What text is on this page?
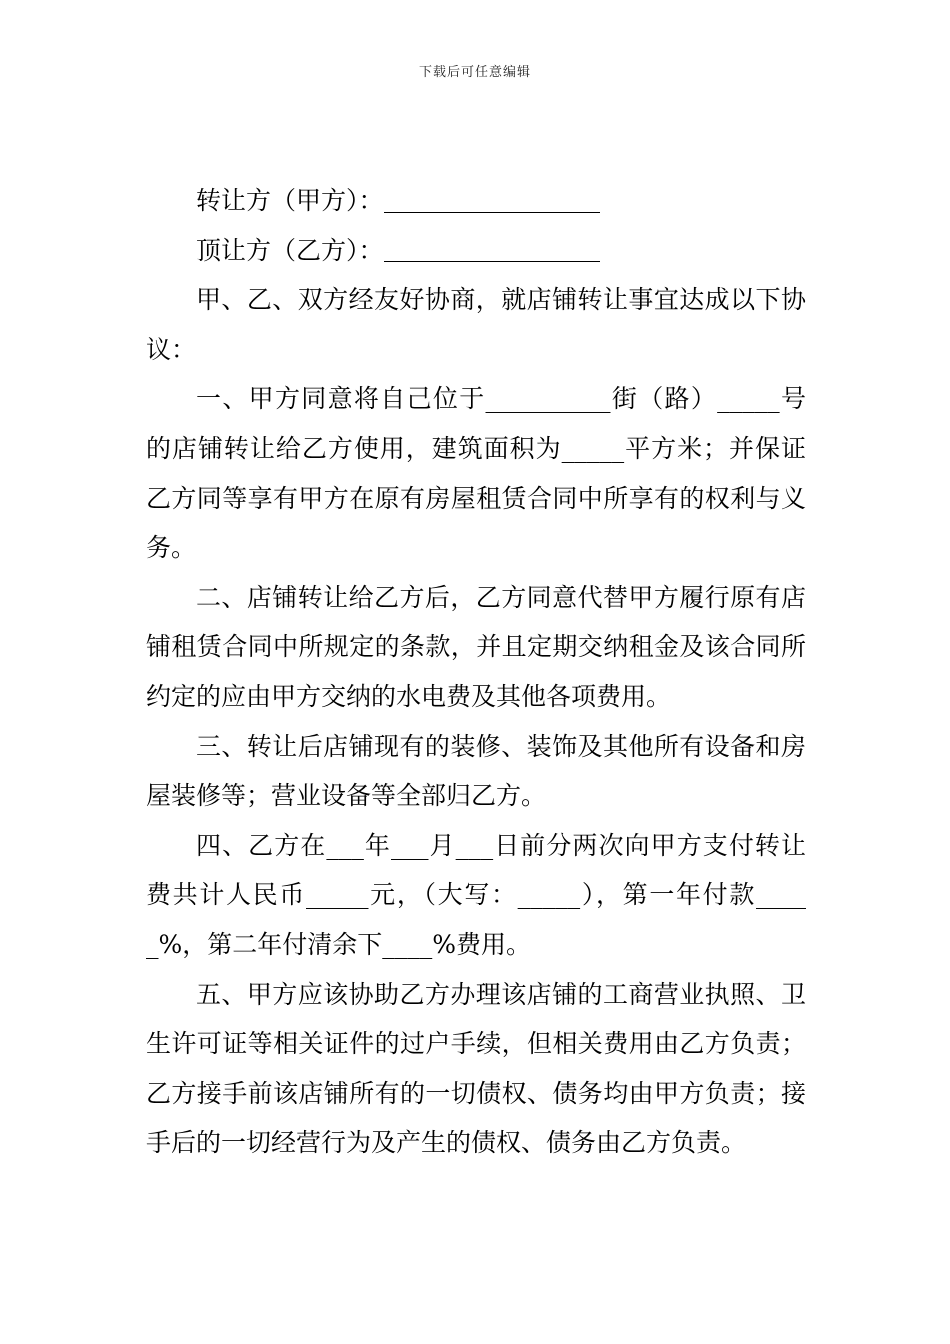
下载后可任意编辑

转让方（甲方）：

顶让方（乙方）：

甲、乙、双方经友好协商，就店铺转让事宜达成以下协议：

一、甲方同意将自己位于__________街（路）_____号的店铺转让给乙方使用，建筑面积为_____平方米；并保证乙方同等享有甲方在原有房屋租赁合同中所享有的权利与义务。

二、店铺转让给乙方后，乙方同意代替甲方履行原有店铺租赁合同中所规定的条款，并且定期交纳租金及该合同所约定的应由甲方交纳的水电费及其他各项费用。

三、转让后店铺现有的装修、装饰及其他所有设备和房屋装修等；营业设备等全部归乙方。

四、乙方在___年___月___日前分两次向甲方支付转让费共计人民币_____元，（大写：_____），第一年付款_____%，第二年付清余下____%费用。

五、甲方应该协助乙方办理该店铺的工商营业执照、卫生许可证等相关证件的过户手续，但相关费用由乙方负责；乙方接手前该店铺所有的一切债权、债务均由甲方负责；接手后的一切经营行为及产生的债权、债务由乙方负责。
